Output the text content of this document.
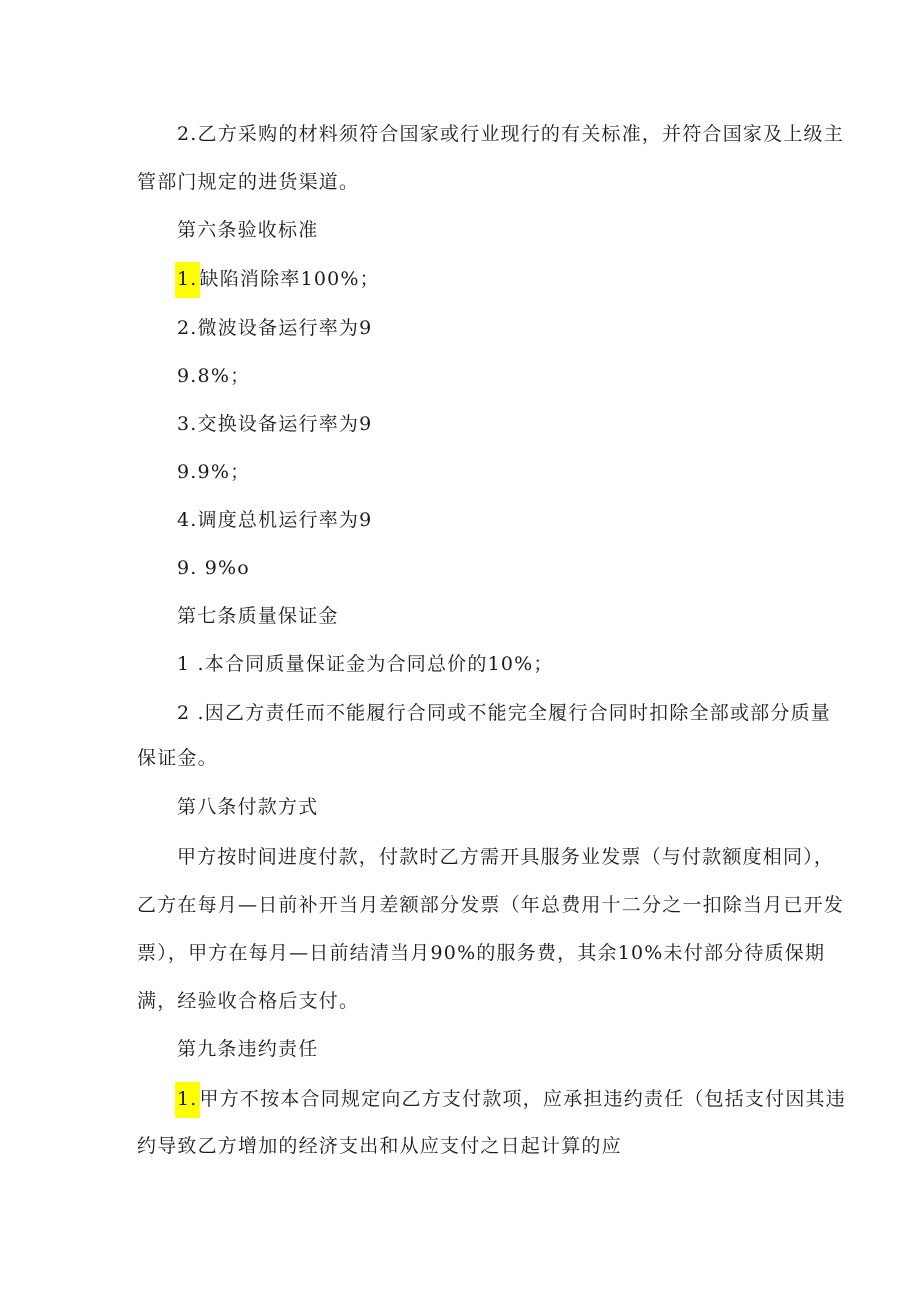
2.乙方采购的材料须符合国家或行业现行的有关标准，并符合国家及上级主
管部门规定的进货渠道。
第六条验收标准
1. 缺陷消除率100%；
2.微波设备运行率为9
9.8%；
3.交换设备运行率为9
9.9%；
4.调度总机运行率为9
9. 9%o
第七条质量保证金
1 .本合同质量保证金为合同总价的10%；
2 .因乙方责任而不能履行合同或不能完全履行合同时扣除全部或部分质量
保证金。
第八条付款方式
甲方按时间进度付款，付款时乙方需开具服务业发票（与付款额度相同），
乙方在每月—日前补开当月差额部分发票（年总费用十二分之一扣除当月已开发
票），甲方在每月—日前结清当月90%的服务费，其余10%未付部分待质保期
满，经验收合格后支付。
第九条违约责任
1. 甲方不按本合同规定向乙方支付款项，应承担违约责任（包括支付因其违
约导致乙方增加的经济支出和从应支付之日起计算的应
